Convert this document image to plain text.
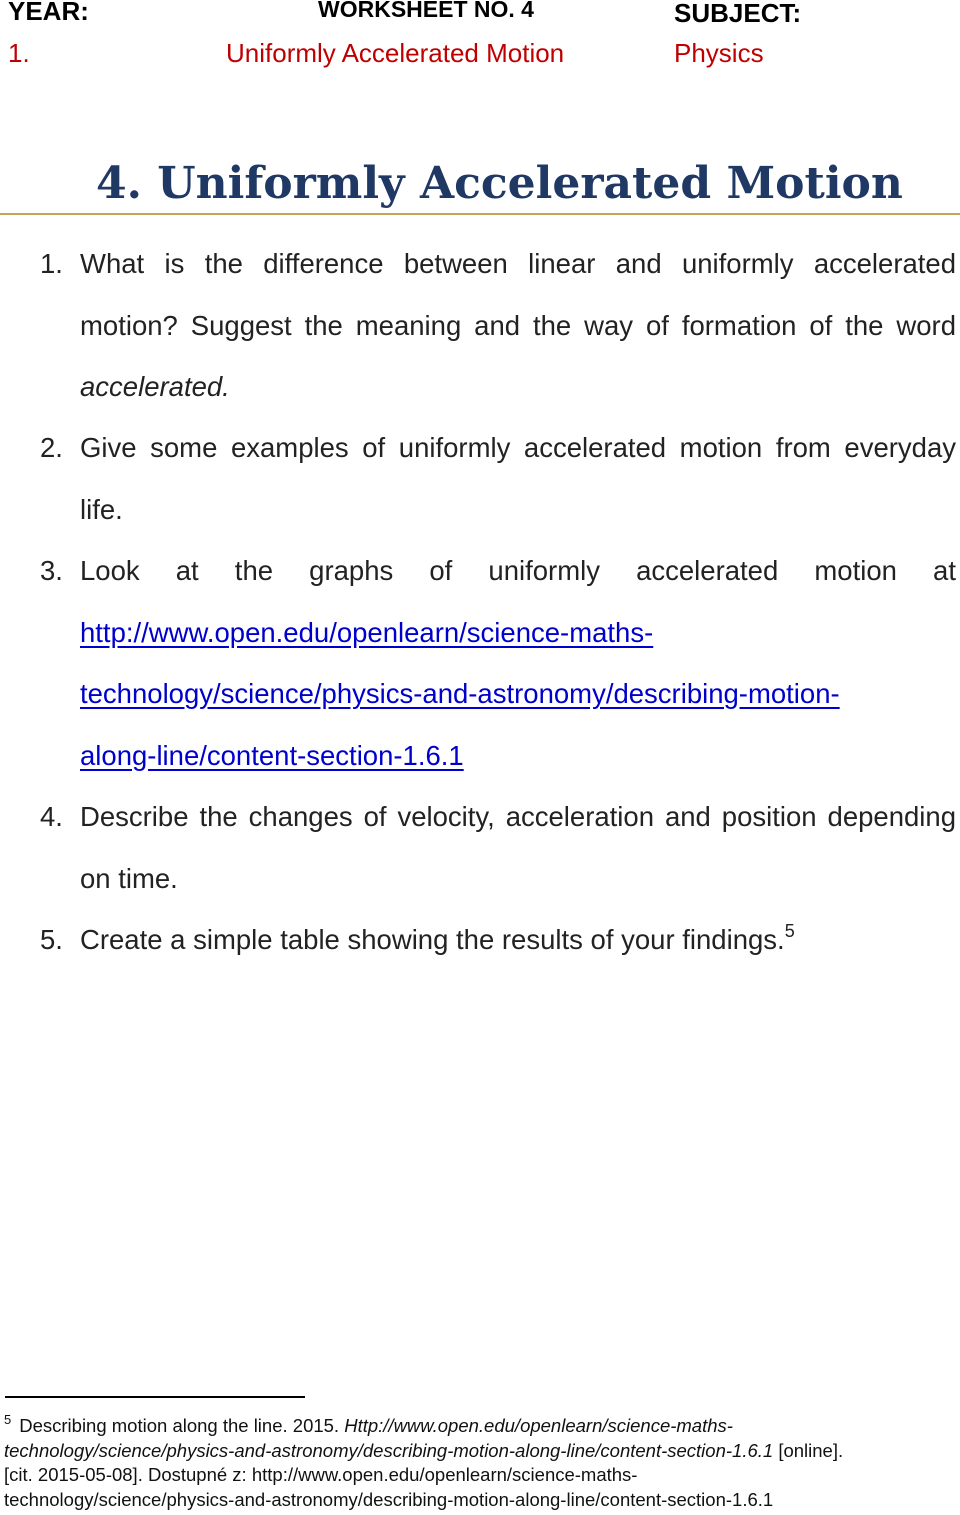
YEAR:
1.
WORKSHEET NO. 4
Uniformly Accelerated Motion
SUBJECT:
Physics
4. Uniformly Accelerated Motion
1. What is the difference between linear and uniformly accelerated motion? Suggest the meaning and the way of formation of the word accelerated.
2. Give some examples of uniformly accelerated motion from everyday life.
3. Look at the graphs of uniformly accelerated motion at
http://www.open.edu/openlearn/science-maths-
technology/science/physics-and-astronomy/describing-motion-
along-line/content-section-1.6.1
4. Describe the changes of velocity, acceleration and position depending on time.
5. Create a simple table showing the results of your findings.$^5$
$^5$ Describing motion along the line. 2015. Http://www.open.edu/openlearn/science-maths-
technology/science/physics-and-astronomy/describing-motion-along-line/content-section-1.6.1 [online].
[cit. 2015-05-08]. Dostupné z: http://www.open.edu/openlearn/science-maths-
technology/science/physics-and-astronomy/describing-motion-along-line/content-section-1.6.1
